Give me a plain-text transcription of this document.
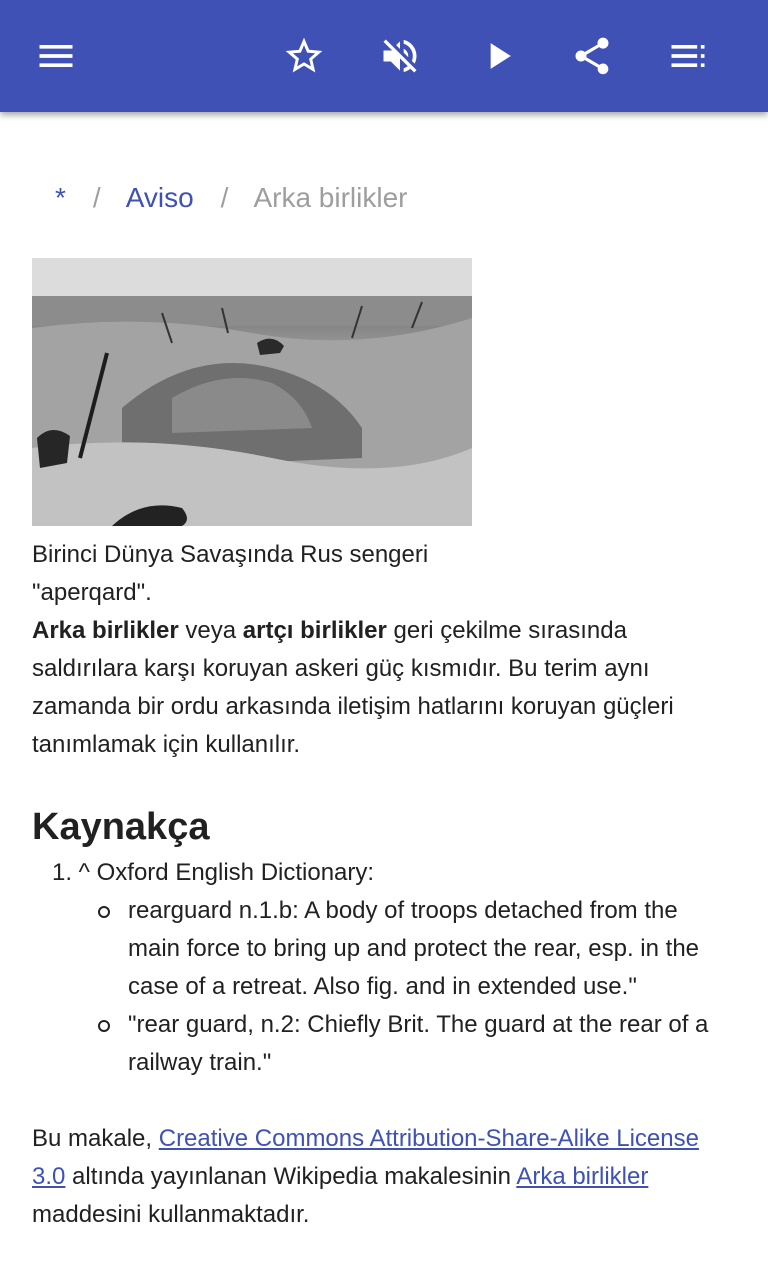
* / Aviso / Arka birlikler
Birinci Dünya Savaşında Rus sengeri
"aperqard".
Arka birlikler veya artçı birlikler geri çekilme sırasında saldırılara karşı koruyan askeri güç kısmıdır. Bu terim aynı zamanda bir ordu arkasında iletişim hatlarını koruyan güçleri tanımlamak için kullanılır.
Kaynakça
1. ^ Oxford English Dictionary:
rearguard n.1.b: A body of troops detached from the main force to bring up and protect the rear, esp. in the case of a retreat. Also fig. and in extended use."
"rear guard, n.2: Chiefly Brit. The guard at the rear of a railway train."
Bu makale, Creative Commons Attribution-Share-Alike License 3.0 altında yayınlanan Wikipedia makalesinin Arka birlikler maddesini kullanmaktadır.
